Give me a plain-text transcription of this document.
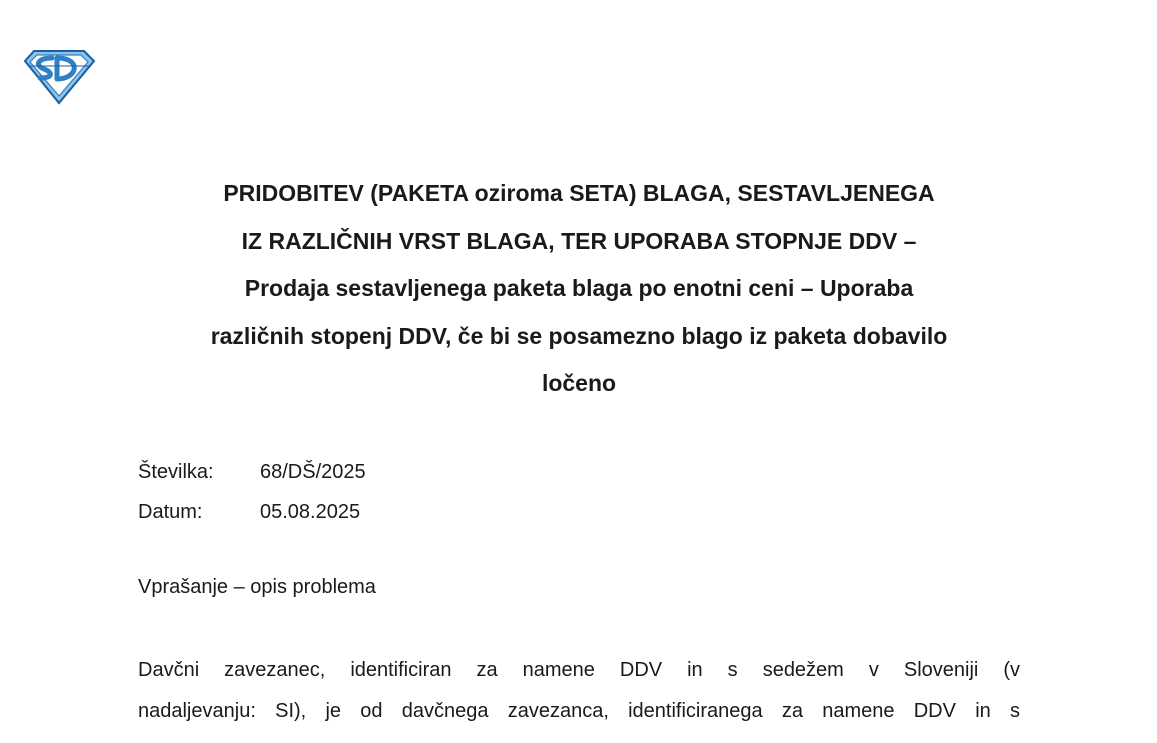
PRIDOBITEV (PAKETA oziroma SETA) BLAGA, SESTAVLJENEGA
IZ RAZLIČNIH VRST BLAGA, TER UPORABA STOPNJE DDV –
Prodaja sestavljenega paketa blaga po enotni ceni – Uporaba
različnih stopenj DDV, če bi se posamezno blago iz paketa dobavilo
ločeno
Številka:	68/DŠ/2025
Datum:	05.08.2025
Vprašanje – opis problema
Davčni zavezanec, identificiran za namene DDV in s sedežem v Sloveniji (v
nadaljevanju: SI), je od davčnega zavezanca, identificiranega za namene DDV in s
